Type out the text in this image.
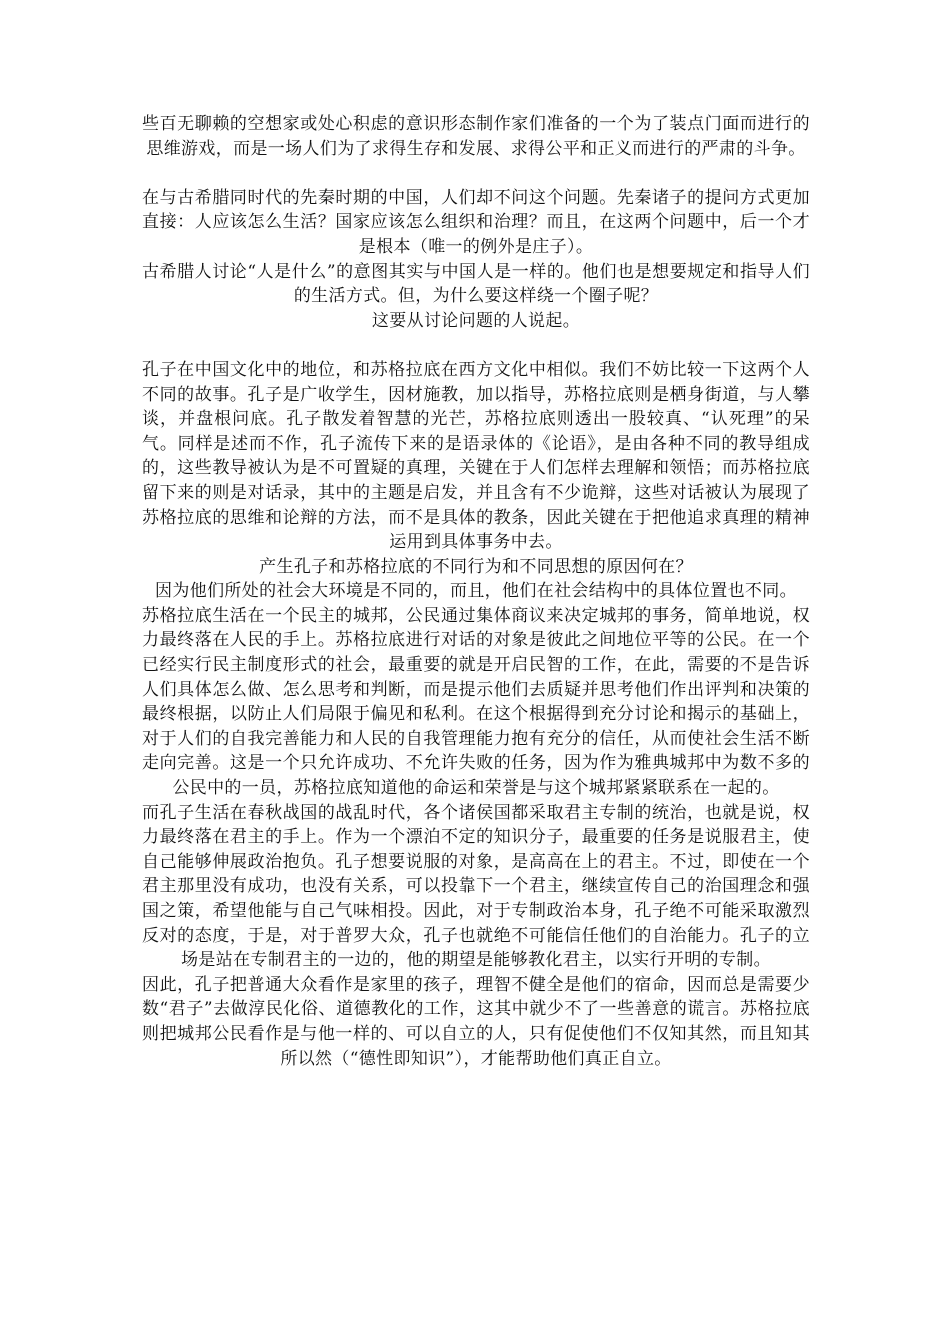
些百无聊赖的空想家或处心积虑的意识形态制作家们准备的一个为了装点门面而进行的思维游戏，而是一场人们为了求得生存和发展、求得公平和正义而进行的严肃的斗争。

在与古希腊同时代的先秦时期的中国，人们却不问这个问题。先秦诸子的提问方式更加直接：人应该怎么生活？国家应该怎么组织和治理？而且，在这两个问题中，后一个才是根本（唯一的例外是庄子）。

古希腊人讨论“人是什么”的意图其实与中国人是一样的。他们也是想要规定和指导人们的生活方式。但，为什么要这样绕一个圈子呢？

这要从讨论问题的人说起。

孔子在中国文化中的地位，和苏格拉底在西方文化中相似。我们不妨比较一下这两个人不同的故事。孔子是广收学生，因材施教，加以指导，苏格拉底则是栖身街道，与人攀谈，并盘根问底。孔子散发着智慧的光芒，苏格拉底则透出一股较真、“认死理”的呆气。同样是述而不作，孔子流传下来的是语录体的《论语》，是由各种不同的教导组成的，这些教导被认为是不可置疑的真理，关键在于人们怎样去理解和领悟；而苏格拉底留下来的则是对话录，其中的主题是启发，并且含有不少诡辩，这些对话被认为展现了苏格拉底的思维和论辩的方法，而不是具体的教条，因此关键在于把他追求真理的精神运用到具体事务中去。

产生孔子和苏格拉底的不同行为和不同思想的原因何在？

因为他们所处的社会大环境是不同的，而且，他们在社会结构中的具体位置也不同。

苏格拉底生活在一个民主的城邦，公民通过集体商议来决定城邦的事务，简单地说，权力最终落在人民的手上。苏格拉底进行对话的对象是彼此之间地位平等的公民。在一个已经实行民主制度形式的社会，最重要的就是开启民智的工作，在此，需要的不是告诉人们具体怎么做、怎么思考和判断，而是提示他们去质疑并思考他们作出评判和决策的最终根据，以防止人们局限于偏见和私利。在这个根据得到充分讨论和揭示的基础上，对于人们的自我完善能力和人民的自我管理能力抱有充分的信任，从而使社会生活不断走向完善。这是一个只允许成功、不允许失败的任务，因为作为雅典城邦中为数不多的公民中的一员，苏格拉底知道他的命运和荣誉是与这个城邦紧紧联系在一起的。

而孔子生活在春秋战国的战乱时代，各个诸侯国都采取君主专制的统治，也就是说，权力最终落在君主的手上。作为一个漂泊不定的知识分子，最重要的任务是说服君主，使自己能够伸展政治抱负。孔子想要说服的对象，是高高在上的君主。不过，即使在一个君主那里没有成功，也没有关系，可以投靠下一个君主，继续宣传自己的治国理念和强国之策，希望他能与自己气味相投。因此，对于专制政治本身，孔子绝不可能采取激烈反对的态度，于是，对于普罗大众，孔子也就绝不可能信任他们的自治能力。孔子的立场是站在专制君主的一边的，他的期望是能够教化君主，以实行开明的专制。

因此，孔子把普通大众看作是家里的孩子，理智不健全是他们的宿命，因而总是需要少数“君子”去做淳民化俗、道德教化的工作，这其中就少不了一些善意的谎言。苏格拉底则把城邦公民看作是与他一样的、可以自立的人，只有促使他们不仅知其然，而且知其所以然（“德性即知识”），才能帮助他们真正自立。
